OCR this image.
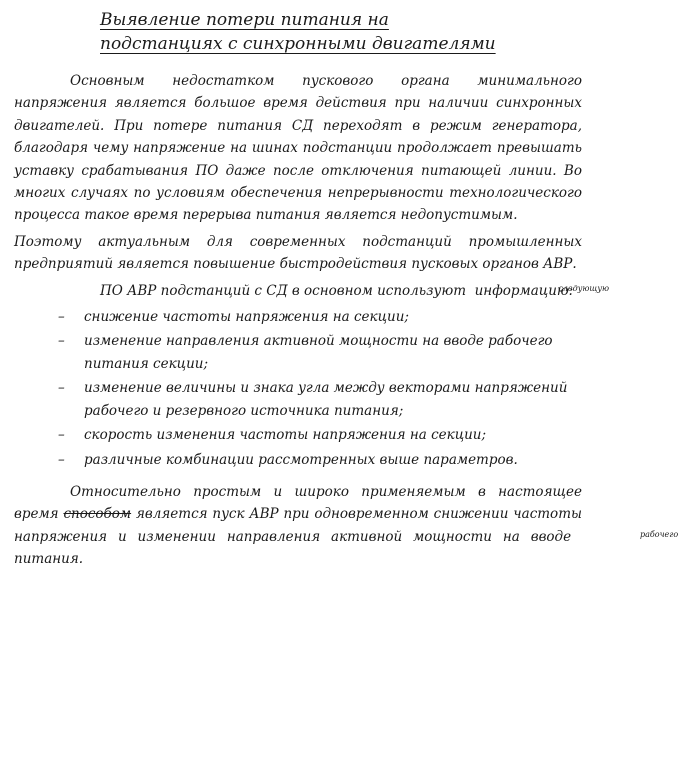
Выявление потери питания на
подстанциях с синхронными двигателями

Основным недостатком пускового органа минимального напряжения является большое время действия при наличии синхронных двигателей. При потере питания СД переходят в режим генератора, благодаря чему напряжение на шинах подстанции продолжает превышать уставку срабатывания ПО даже после отключения питающей линии. Во многих случаях по условиям обеспечения непрерывности технологического процесса такое время перерыва питания является недопустимым.

Поэтому актуальным для современных подстанций промышленных предприятий является повышение быстродействия пусковых органов АВР.

ПО АВР подстанций с СД в основном используют	следующую
информацию:

– снижение частоты напряжения на секции;
– изменение направления активной мощности на вводе рабочего питания секции;
– изменение величины и знака угла между векторами напряжений рабочего и резервного источника питания;
– скорость изменения частоты напряжения на секции;
– различные комбинации рассмотренных выше параметров.

Относительно простым и широко применяемым в настоящее время способом является пуск АВР при одновременном снижении частоты напряжения и изменении направления активной мощности на вводе	рабочего
питания.
